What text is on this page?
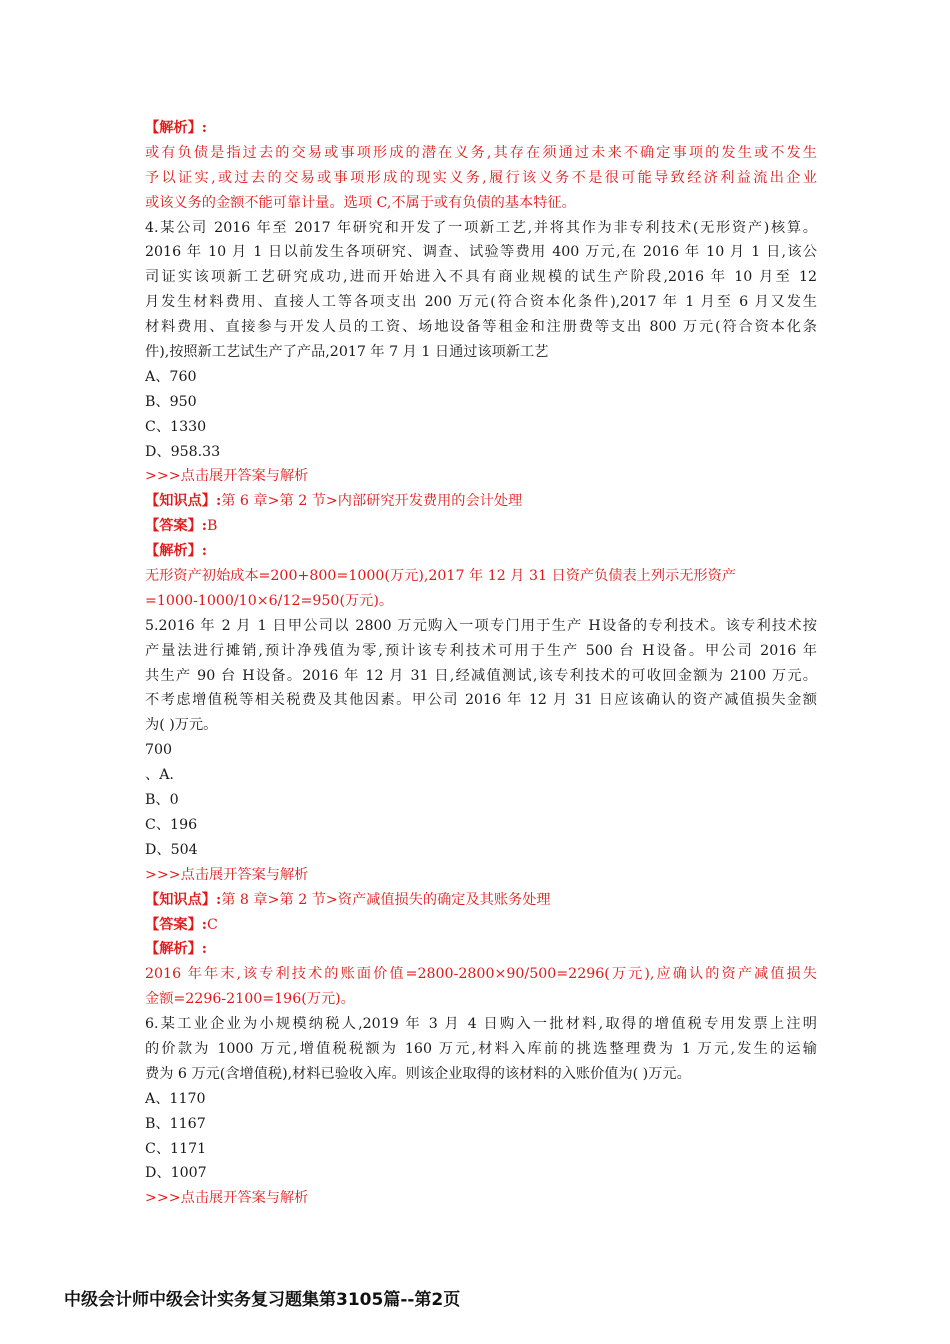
【解析】:
或有负债是指过去的交易或事项形成的潜在义务,其存在须通过未来不确定事项的发生或不发生
予以证实,或过去的交易或事项形成的现实义务,履行该义务不是很可能导致经济利益流出企业
或该义务的金额不能可靠计量。选项 C,不属于或有负债的基本特征。
4.某公司 2016 年至 2017 年研究和开发了一项新工艺,并将其作为非专利技术(无形资产)核算。
2016 年 10 月 1 日以前发生各项研究、调查、试验等费用 400 万元,在 2016 年 10 月 1 日,该公
司证实该项新工艺研究成功,进而开始进入不具有商业规模的试生产阶段,2016 年 10 月至 12
月发生材料费用、直接人工等各项支出 200 万元(符合资本化条件),2017 年 1 月至 6 月又发生
材料费用、直接参与开发人员的工资、场地设备等租金和注册费等支出 800 万元(符合资本化条
件),按照新工艺试生产了产品,2017 年 7 月 1 日通过该项新工艺
A、760
B、950
C、1330
D、958.33
>>>点击展开答案与解析
【知识点】:第 6 章>第 2 节>内部研究开发费用的会计处理
【答案】:B
【解析】:
无形资产初始成本=200+800=1000(万元),2017 年 12 月 31 日资产负债表上列示无形资产
=1000-1000/10×6/12=950(万元)。
5.2016 年 2 月 1 日甲公司以 2800 万元购入一项专门用于生产 H设备的专利技术。该专利技术按
产量法进行摊销,预计净残值为零,预计该专利技术可用于生产 500 台 H设备。甲公司 2016 年
共生产 90 台 H设备。2016 年 12 月 31 日,经减值测试,该专利技术的可收回金额为 2100 万元。
不考虑增值税等相关税费及其他因素。甲公司 2016 年 12 月 31 日应该确认的资产减值损失金额
为( )万元。
700
、A.
B、0
C、196
D、504
>>>点击展开答案与解析
【知识点】:第 8 章>第 2 节>资产减值损失的确定及其账务处理
【答案】:C
【解析】:
2016 年年末,该专利技术的账面价值=2800-2800×90/500=2296(万元),应确认的资产减值损失
金额=2296-2100=196(万元)。
6.某工业企业为小规模纳税人,2019 年 3 月 4 日购入一批材料,取得的增值税专用发票上注明
的价款为 1000 万元,增值税税额为 160 万元,材料入库前的挑选整理费为 1 万元,发生的运输
费为 6 万元(含增值税),材料已验收入库。则该企业取得的该材料的入账价值为( )万元。
A、1170
B、1167
C、1171
D、1007
>>>点击展开答案与解析
中级会计师中级会计实务复习题集第3105篇--第2页
